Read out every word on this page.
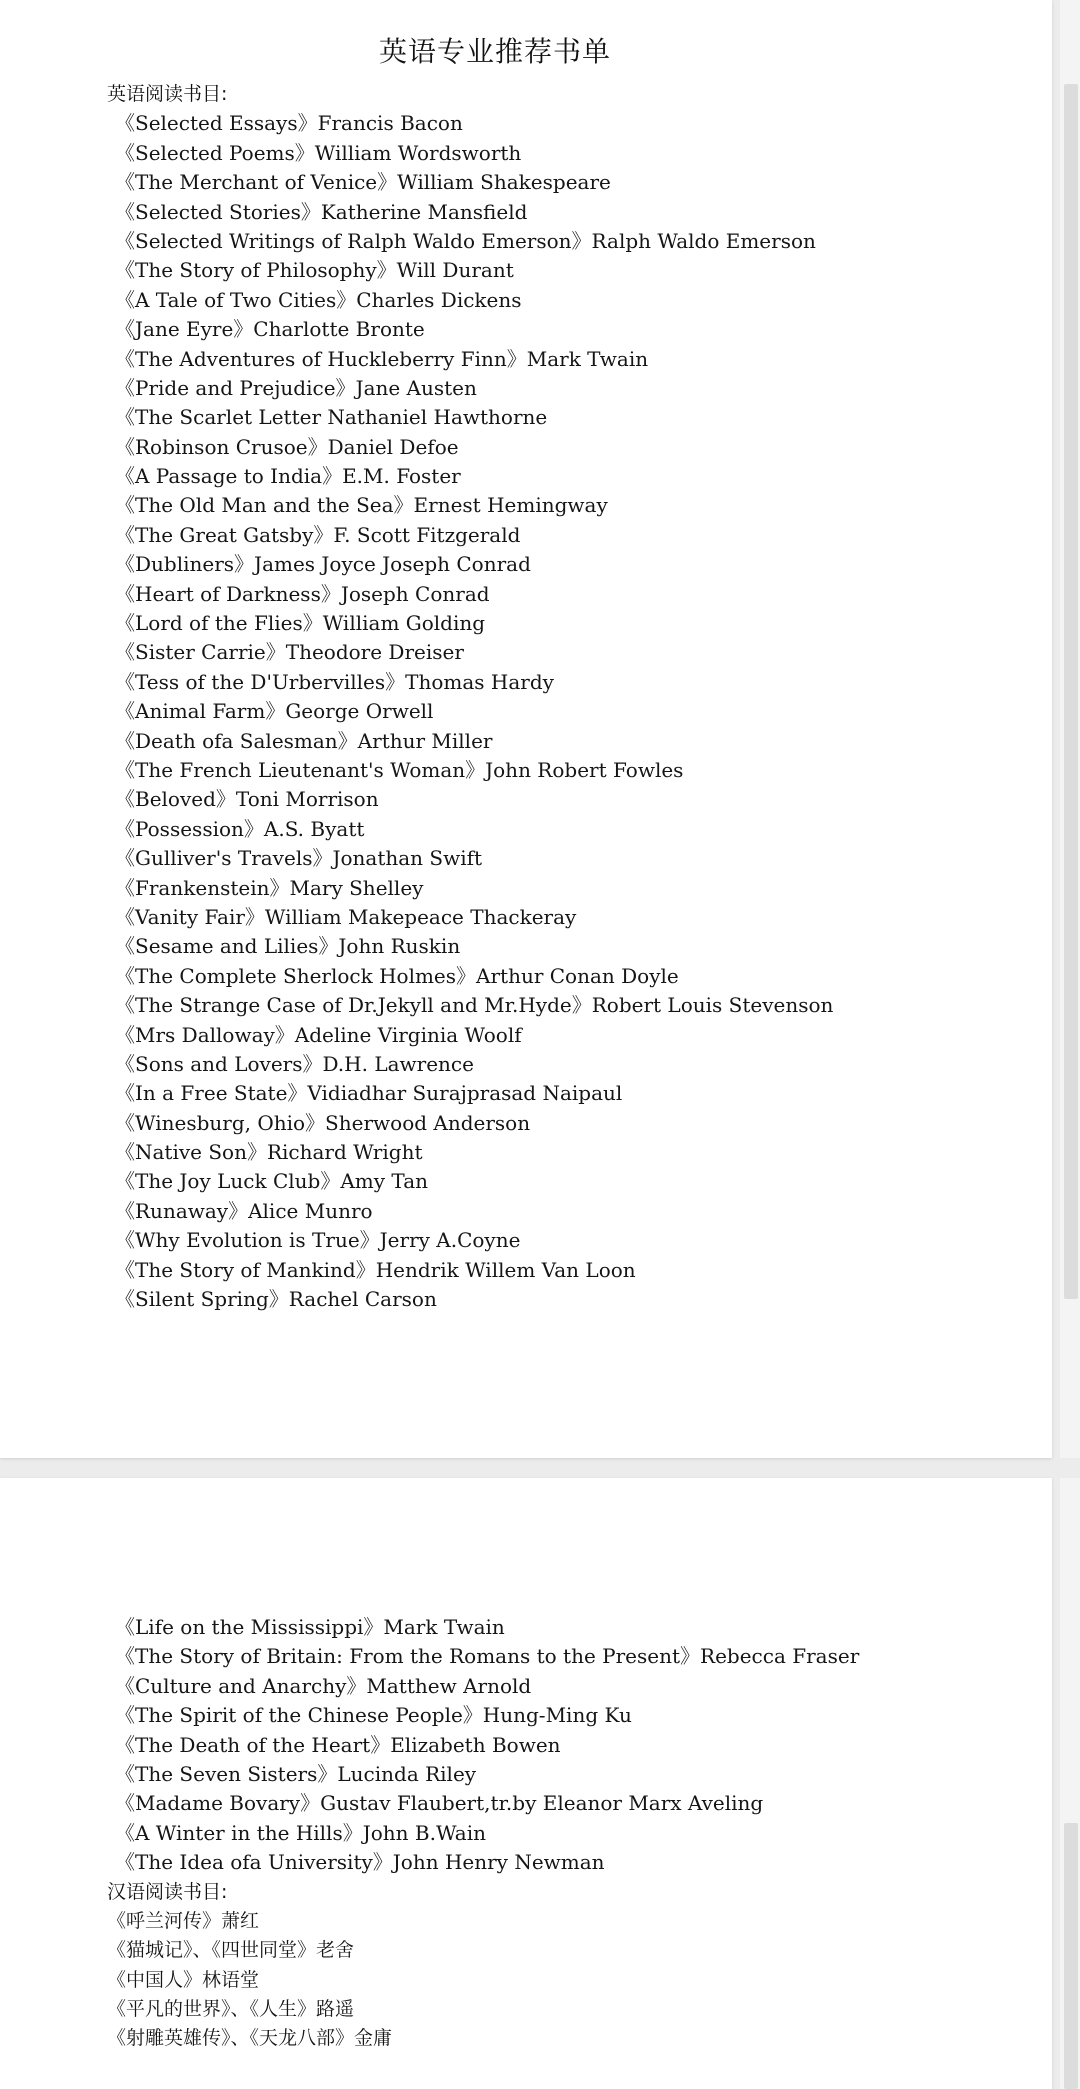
英语专业推荐书单
英语阅读书目:
《Selected Essays》Francis Bacon
《Selected Poems》William Wordsworth
《The Merchant of Venice》William Shakespeare
《Selected Stories》Katherine Mansfield
《Selected Writings of Ralph Waldo Emerson》Ralph Waldo Emerson
《The Story of Philosophy》Will Durant
《A Tale of Two Cities》Charles Dickens
《Jane Eyre》Charlotte Bronte
《The Adventures of Huckleberry Finn》Mark Twain
《Pride and Prejudice》Jane Austen
《The Scarlet Letter Nathaniel Hawthorne
《Robinson Crusoe》Daniel Defoe
《A Passage to India》E.M. Foster
《The Old Man and the Sea》Ernest Hemingway
《The Great Gatsby》F. Scott Fitzgerald
《Dubliners》James Joyce Joseph Conrad
《Heart of Darkness》Joseph Conrad
《Lord of the Flies》William Golding
《Sister Carrie》Theodore Dreiser
《Tess of the D'Urbervilles》Thomas Hardy
《Animal Farm》George Orwell
《Death ofa Salesman》Arthur Miller
《The French Lieutenant's Woman》John Robert Fowles
《Beloved》Toni Morrison
《Possession》A.S. Byatt
《Gulliver's Travels》Jonathan Swift
《Frankenstein》Mary Shelley
《Vanity Fair》William Makepeace Thackeray
《Sesame and Lilies》John Ruskin
《The Complete Sherlock Holmes》Arthur Conan Doyle
《The Strange Case of Dr.Jekyll and Mr.Hyde》Robert Louis Stevenson
《Mrs Dalloway》Adeline Virginia Woolf
《Sons and Lovers》D.H. Lawrence
《In a Free State》Vidiadhar Surajprasad Naipaul
《Winesburg, Ohio》Sherwood Anderson
《Native Son》Richard Wright
《The Joy Luck Club》Amy Tan
《Runaway》Alice Munro
《Why Evolution is True》Jerry A.Coyne
《The Story of Mankind》Hendrik Willem Van Loon
《Silent Spring》Rachel Carson
《Life on the Mississippi》Mark Twain
《The Story of Britain: From the Romans to the Present》Rebecca Fraser
《Culture and Anarchy》Matthew Arnold
《The Spirit of the Chinese People》Hung-Ming Ku
《The Death of the Heart》Elizabeth Bowen
《The Seven Sisters》Lucinda Riley
《Madame Bovary》Gustav Flaubert,tr.by Eleanor Marx Aveling
《A Winter in the Hills》John B.Wain
《The Idea ofa University》John Henry Newman
汉语阅读书目:
《呼兰河传》萧红
《猫城记》、《四世同堂》老舍
《中国人》林语堂
《平凡的世界》、《人生》路遥
《射雕英雄传》、《天龙八部》金庸
